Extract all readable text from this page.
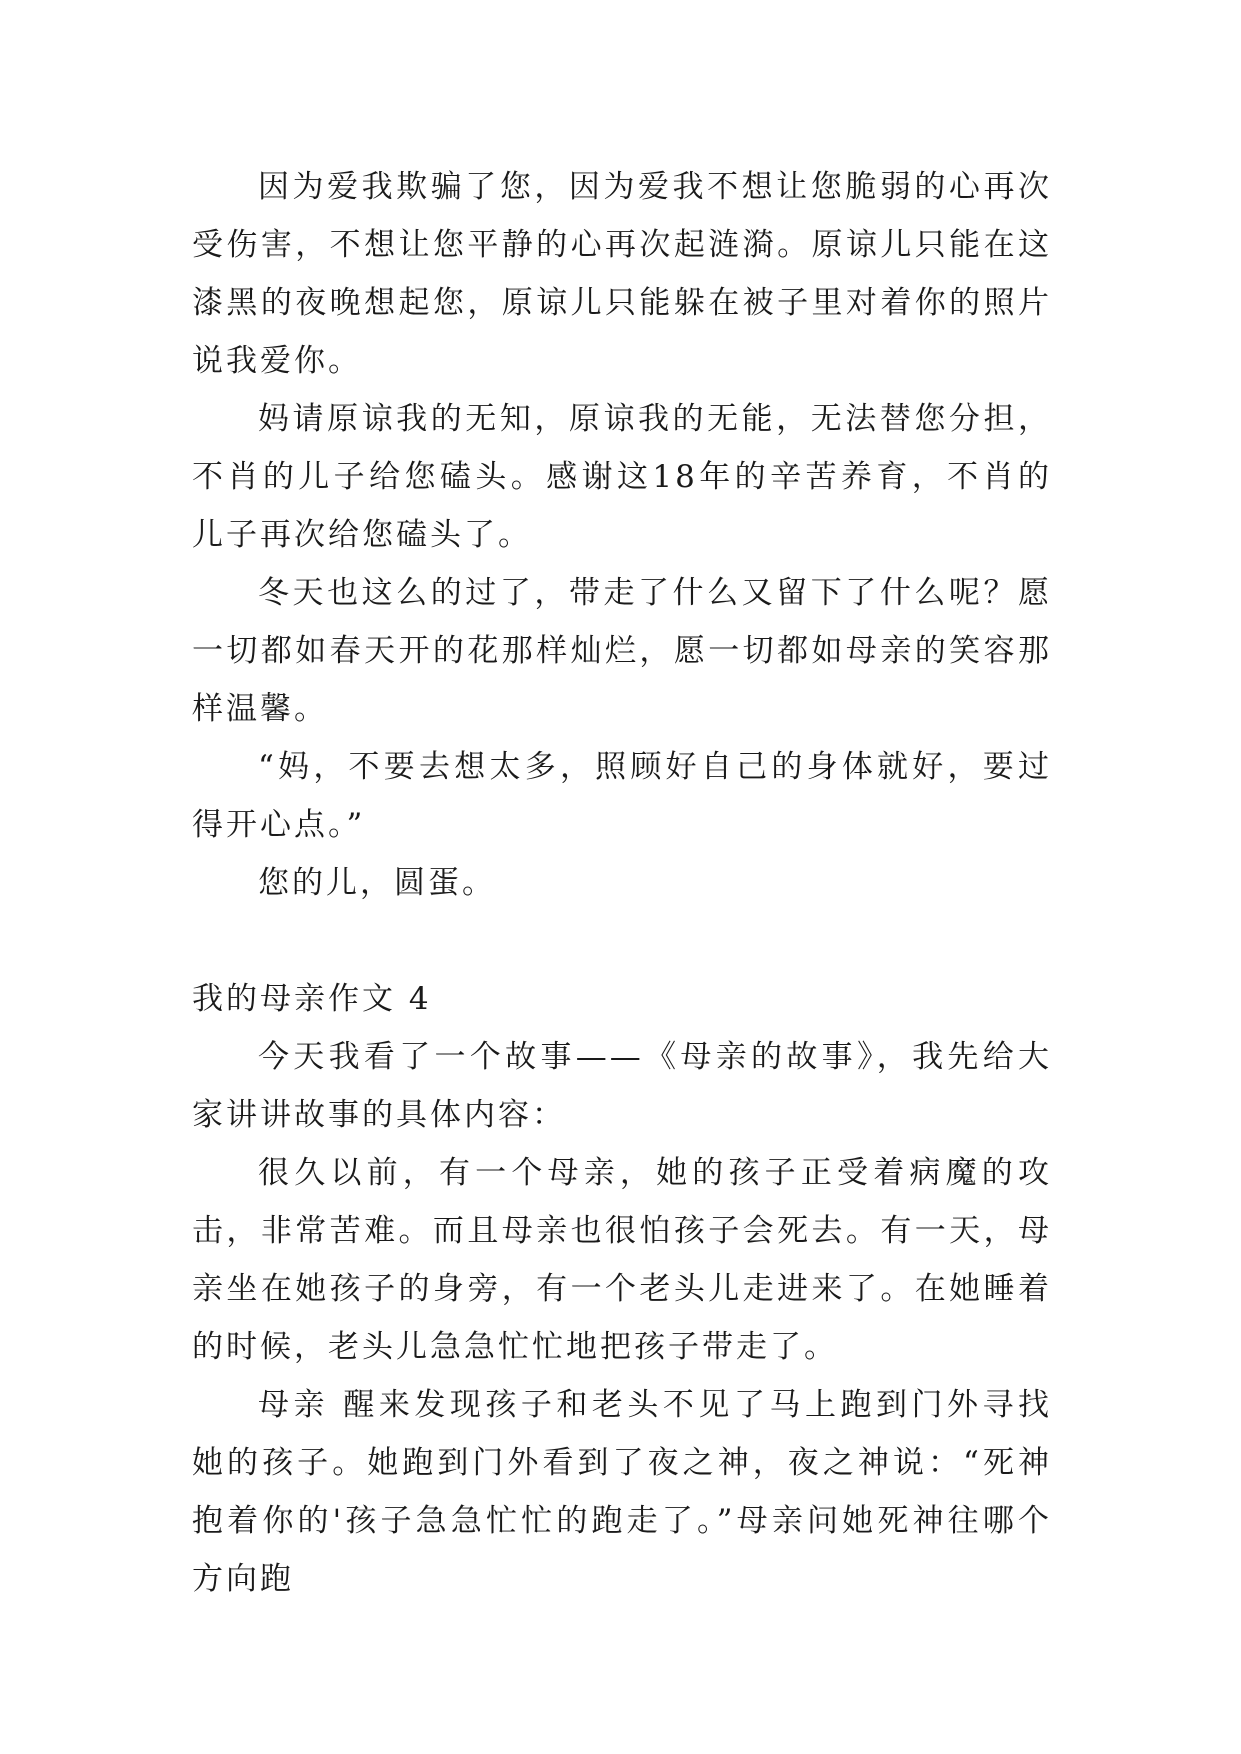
因为爱我欺骗了您，因为爱我不想让您脆弱的心再次受伤害，不想让您平静的心再次起涟漪。原谅儿只能在这漆黑的夜晚想起您，原谅儿只能躲在被子里对着你的照片说我爱你。

妈请原谅我的无知，原谅我的无能，无法替您分担，不肖的儿子给您磕头。感谢这18年的辛苦养育，不肖的儿子再次给您磕头了。

冬天也这么的过了，带走了什么又留下了什么呢？愿一切都如春天开的花那样灿烂，愿一切都如母亲的笑容那样温馨。

“妈，不要去想太多，照顾好自己的身体就好，要过得开心点。”

您的儿，圆蛋。

我的母亲作文 4

今天我看了一个故事——《母亲的故事》，我先给大家讲讲故事的具体内容：

很久以前，有一个母亲，她的孩子正受着病魔的攻击，非常苦难。而且母亲也很怕孩子会死去。有一天，母亲坐在她孩子的身旁，有一个老头儿走进来了。在她睡着的时候，老头儿急急忙忙地把孩子带走了。

母亲 醒来发现孩子和老头不见了马上跑到门外寻找她的孩子。她跑到门外看到了夜之神，夜之神说：“死神抱着你的'孩子急急忙忙的跑走了。”母亲问她死神往哪个方向跑
